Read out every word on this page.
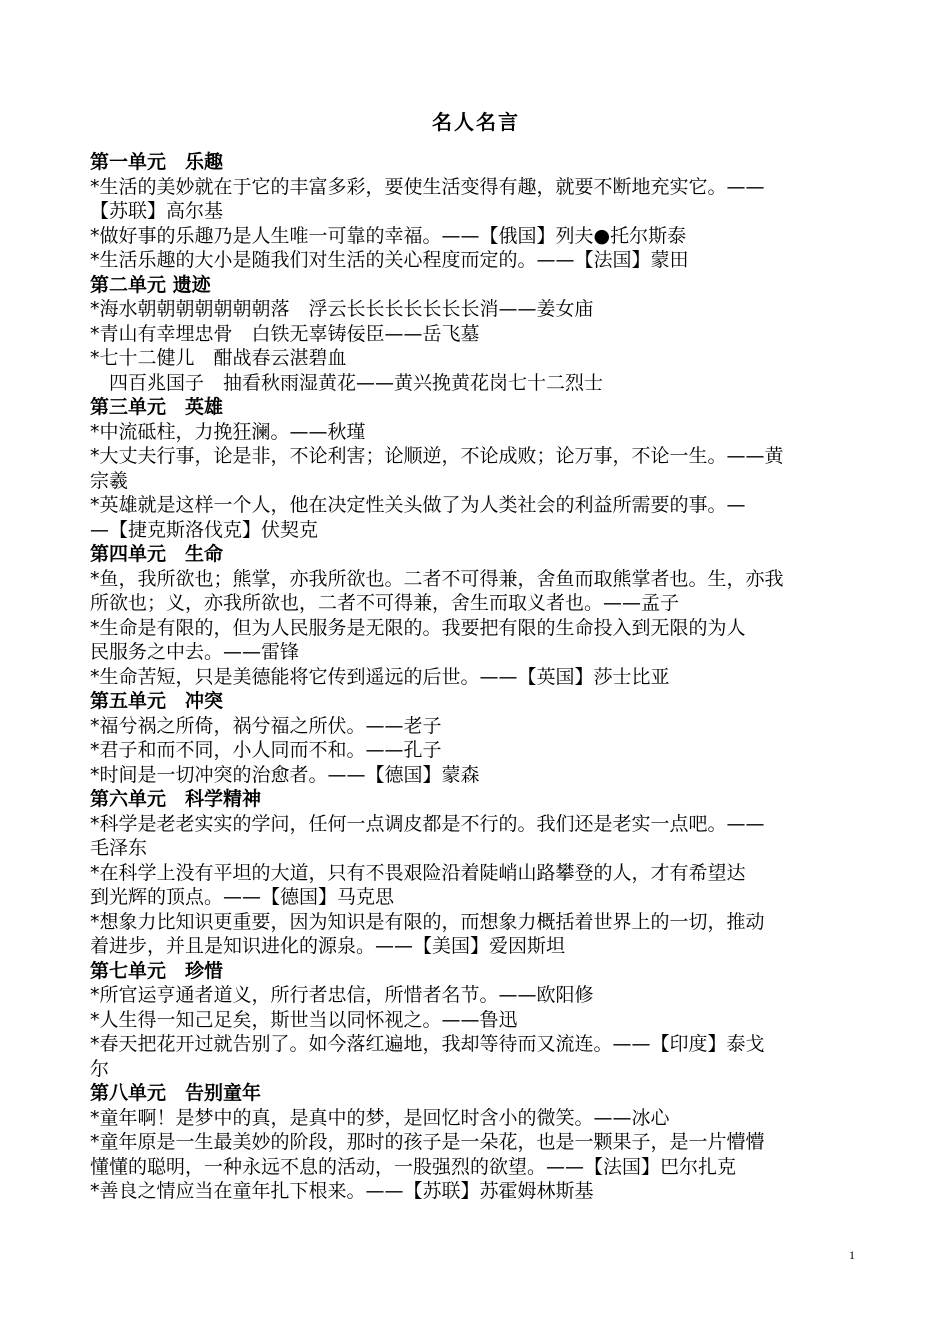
名人名言
第一单元　乐趣
*生活的美妙就在于它的丰富多彩，要使生活变得有趣，就要不断地充实它。——
【苏联】高尔基
*做好事的乐趣乃是人生唯一可靠的幸福。——【俄国】列夫●托尔斯泰
*生活乐趣的大小是随我们对生活的关心程度而定的。——【法国】蒙田
第二单元 遗迹
*海水朝朝朝朝朝朝朝落　浮云长长长长长长长消——姜女庙
*青山有幸埋忠骨　白铁无辜铸佞臣——岳飞墓
*七十二健儿　酣战春云湛碧血
　四百兆国子　抽看秋雨湿黄花——黄兴挽黄花岗七十二烈士
第三单元　英雄
*中流砥柱，力挽狂澜。——秋瑾
*大丈夫行事，论是非，不论利害；论顺逆，不论成败；论万事，不论一生。——黄
宗羲
*英雄就是这样一个人，他在决定性关头做了为人类社会的利益所需要的事。—
—【捷克斯洛伐克】伏契克
第四单元　生命
*鱼，我所欲也；熊掌，亦我所欲也。二者不可得兼，舍鱼而取熊掌者也。生，亦我
所欲也；义，亦我所欲也，二者不可得兼，舍生而取义者也。——孟子
*生命是有限的，但为人民服务是无限的。我要把有限的生命投入到无限的为人
民服务之中去。——雷锋
*生命苦短，只是美德能将它传到遥远的后世。——【英国】莎士比亚
第五单元　冲突
*福兮祸之所倚，祸兮福之所伏。——老子
*君子和而不同，小人同而不和。——孔子
*时间是一切冲突的治愈者。——【德国】蒙森
第六单元　科学精神
*科学是老老实实的学问，任何一点调皮都是不行的。我们还是老实一点吧。——
毛泽东
*在科学上没有平坦的大道，只有不畏艰险沿着陡峭山路攀登的人，才有希望达
到光辉的顶点。——【德国】马克思
*想象力比知识更重要，因为知识是有限的，而想象力概括着世界上的一切，推动
着进步，并且是知识进化的源泉。——【美国】爱因斯坦
第七单元　珍惜
*所官运亨通者道义，所行者忠信，所惜者名节。——欧阳修
*人生得一知己足矣，斯世当以同怀视之。——鲁迅
*春天把花开过就告别了。如今落红遍地，我却等待而又流连。——【印度】泰戈
尔
第八单元　告别童年
*童年啊！是梦中的真，是真中的梦，是回忆时含小的微笑。——冰心
*童年原是一生最美妙的阶段，那时的孩子是一朵花，也是一颗果子，是一片懵懵
懂懂的聪明，一种永远不息的活动，一股强烈的欲望。——【法国】巴尔扎克
*善良之情应当在童年扎下根来。——【苏联】苏霍姆林斯基
1
